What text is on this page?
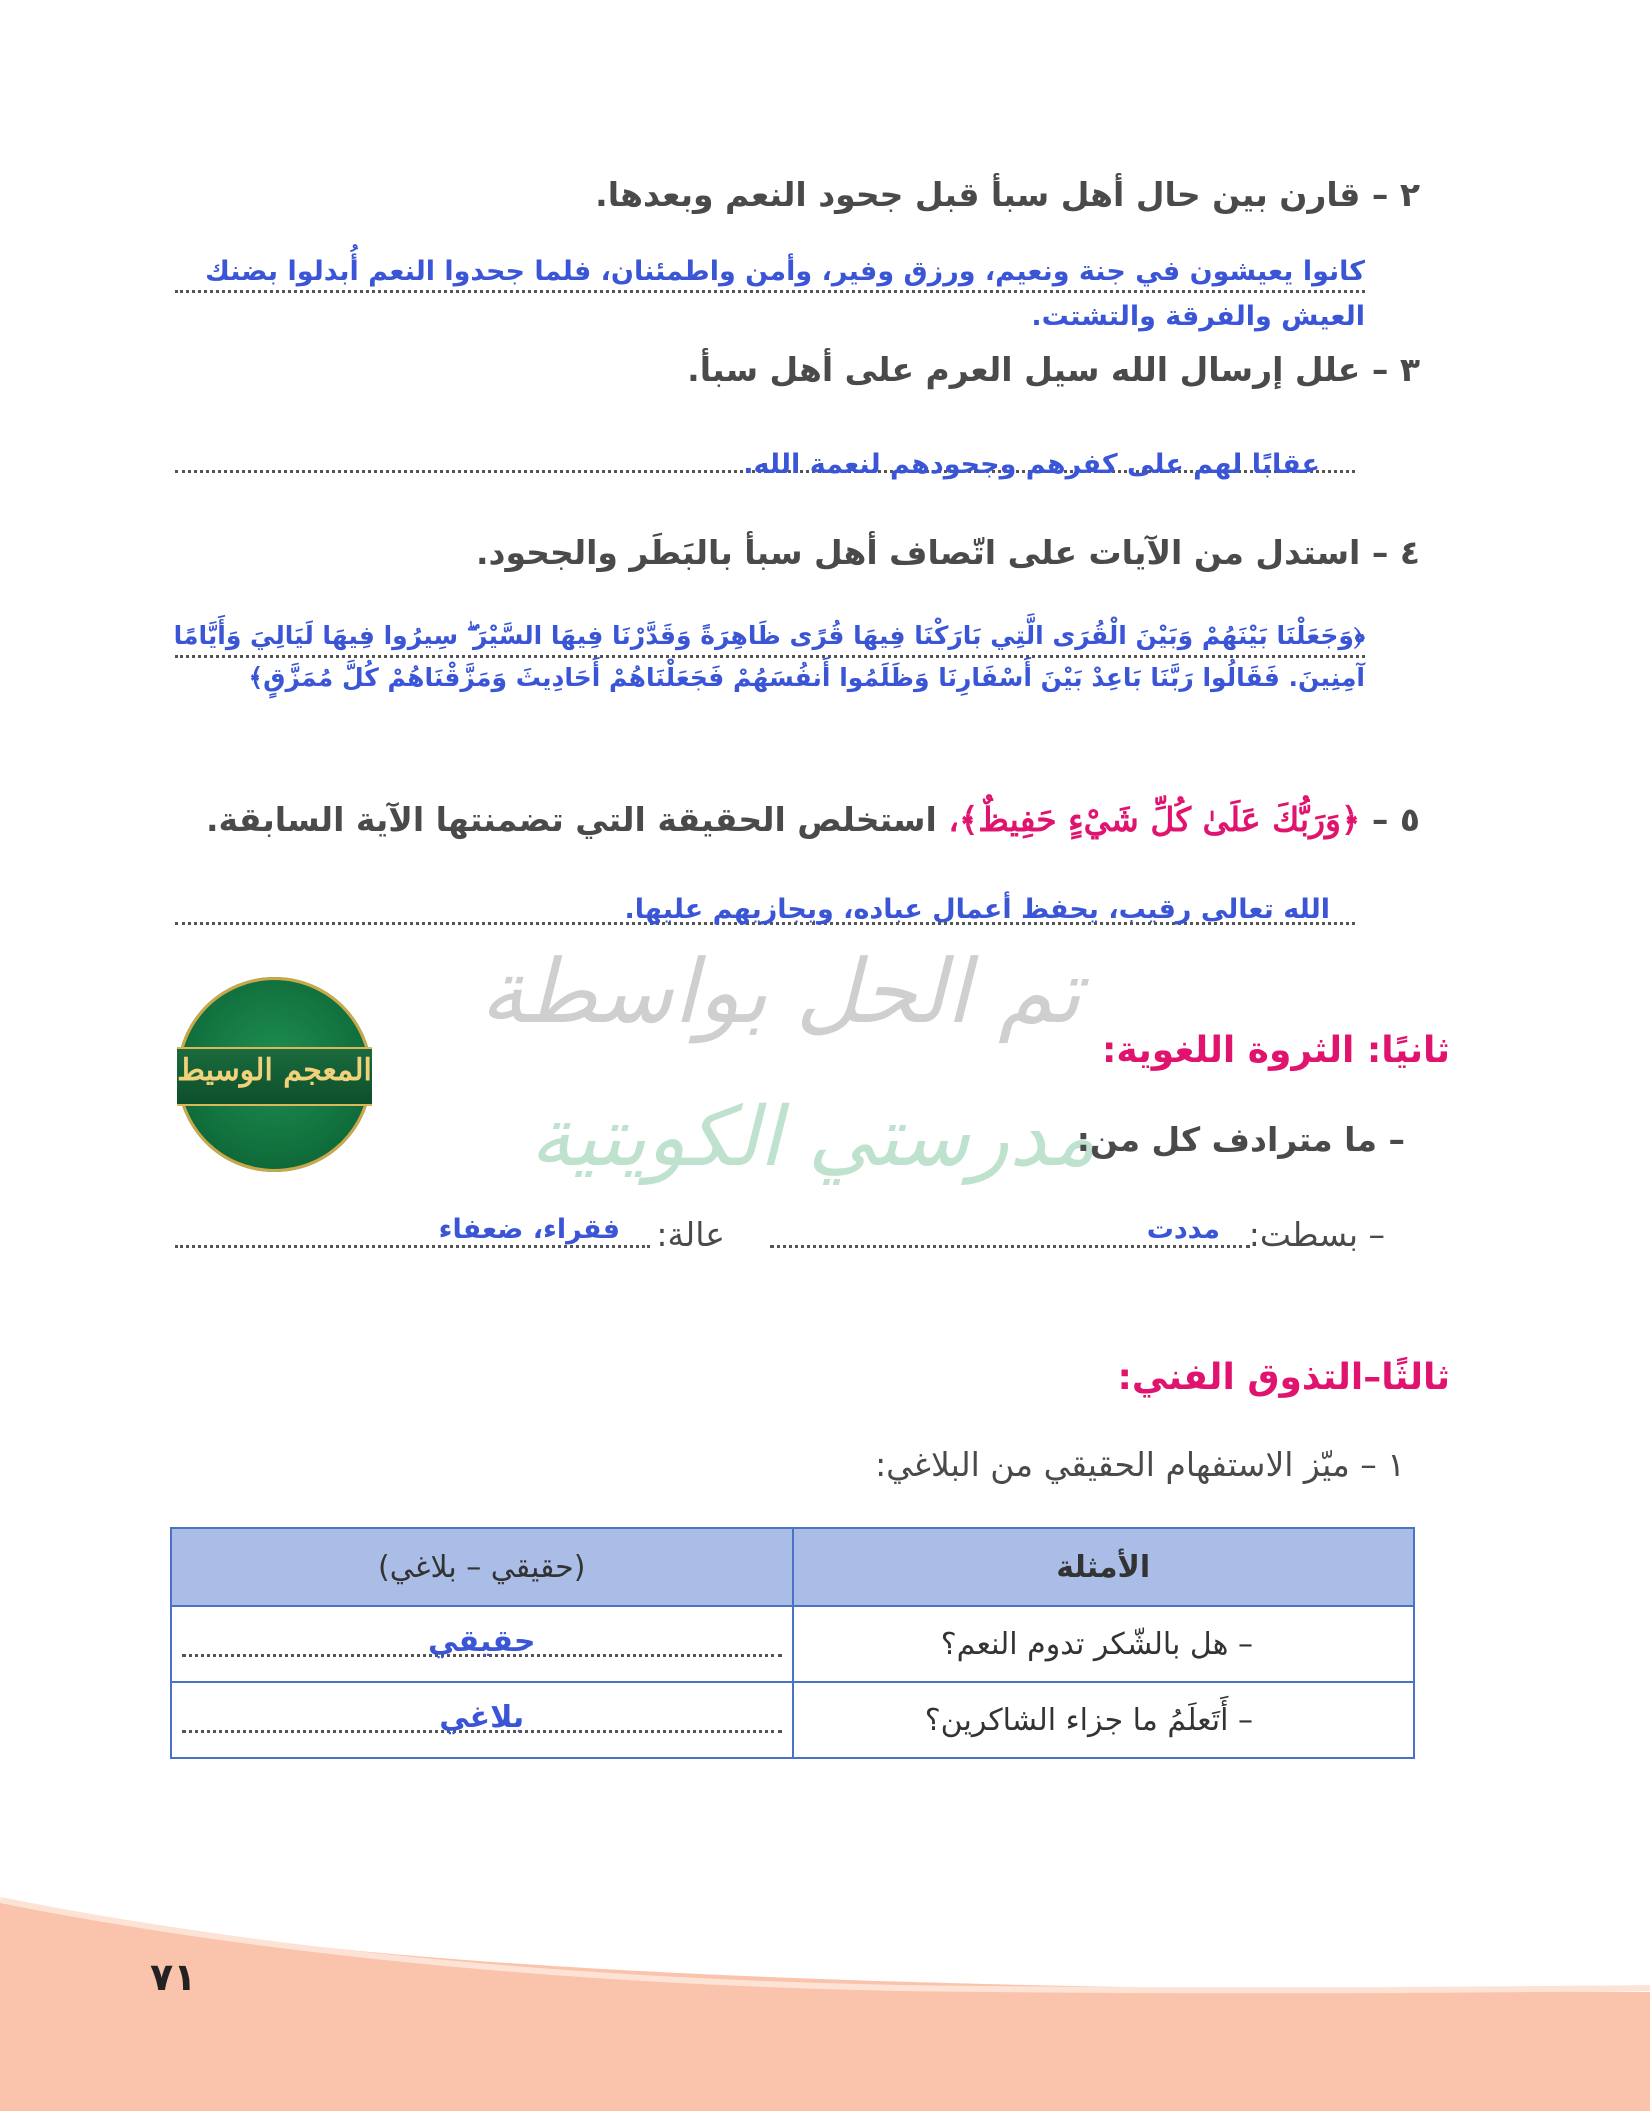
٢ – قارن بين حال أهل سبأ قبل جحود النعم وبعدها.
كانوا يعيشون في جنة ونعيم، ورزق وفير، وأمن واطمئنان، فلما جحدوا النعم أُبدلوا بضنك
العيش والفرقة والتشتت.
٣ – علل إرسال الله سيل العرم على أهل سبأ.
عقابًا لهم على كفرهم وجحودهم لنعمة الله.
٤ – استدل من الآيات على اتّصاف أهل سبأ بالبَطَر والجحود.
﴿وَجَعَلْنَا بَيْنَهُمْ وَبَيْنَ الْقُرَى الَّتِي بَارَكْنَا فِيهَا قُرًى ظَاهِرَةً وَقَدَّرْنَا فِيهَا السَّيْرَ ۖ سِيرُوا فِيهَا لَيَالِيَ وَأَيَّامًا
آمِنِينَ. فَقَالُوا رَبَّنَا بَاعِدْ بَيْنَ أَسْفَارِنَا وَظَلَمُوا أَنفُسَهُمْ فَجَعَلْنَاهُمْ أَحَادِيثَ وَمَزَّقْنَاهُمْ كُلَّ مُمَزَّقٍ﴾
٥ – ﴿وَرَبُّكَ عَلَىٰ كُلِّ شَيْءٍ حَفِيظٌ﴾، استخلص الحقيقة التي تضمنتها الآية السابقة.
الله تعالى رقيب، يحفظ أعمال عباده، ويجازيهم عليها.
تم الحل بواسطة
مدرستي الكويتية
المعجم الوسيط	ثانيًا: الثروة اللغوية:
– ما مترادف كل من:
– بسطت:
مددت
عالة:
فقراء، ضعفاء
ثالثًا–التذوق الفني:
١ – ميّز الاستفهام الحقيقي من البلاغي:
الأمثلة	(حقيقي – بلاغي)
– هل بالشّكر تدوم النعم؟	حقيقي

– أَتَعلَمُ ما جزاء الشاكرين؟	بلاغي
٧١
